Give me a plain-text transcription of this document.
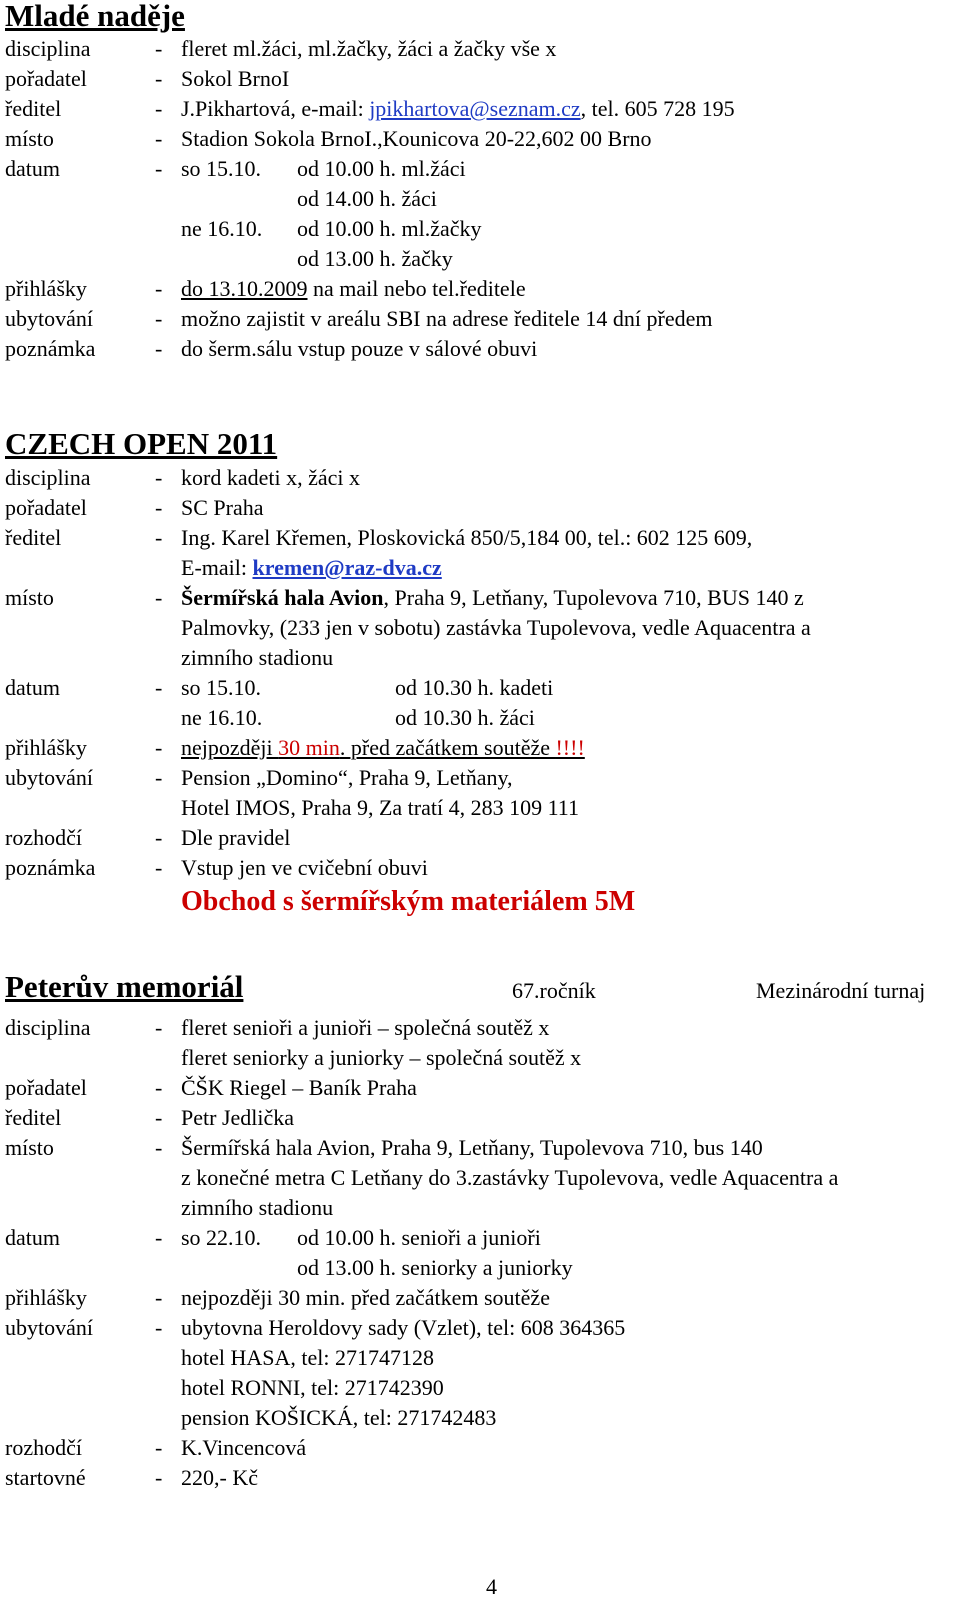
Mladé naděje
disciplina	- fleret ml.žáci, ml.žačky, žáci a žačky vše x
pořadatel	- Sokol BrnoI
ředitel	- J.Pikhartová, e-mail: jpikhartova@seznam.cz, tel. 605 728 195
místo	- Stadion Sokola BrnoI.,Kounicova 20-22,602 00 Brno
datum	- so 15.10. od 10.00 h. ml.žáci
od 14.00 h. žáci
ne 16.10. od 10.00 h. ml.žačky
od 13.00 h. žačky
přihlášky	- do 13.10.2009 na mail nebo tel.ředitele
ubytování	- možno zajistit v areálu SBI na adrese ředitele 14 dní předem
poznámka	- do šerm.sálu vstup pouze v sálové obuvi
CZECH OPEN 2011
disciplina	- kord kadeti x, žáci x
pořadatel	- SC Praha
ředitel	- Ing. Karel Křemen, Ploskovická 850/5,184 00, tel.: 602 125 609,
E-mail: kremen@raz-dva.cz
místo	- Šermířská hala Avion, Praha 9, Letňany, Tupolevova 710, BUS 140 z
Palmovky, (233 jen v sobotu) zastávka Tupolevova, vedle Aquacentra a
zimního stadionu
datum	- so 15.10.	od 10.30 h. kadeti
ne 16.10.	od 10.30 h. žáci
přihlášky	- nejpozději 30 min. před začátkem soutěže !!!!
ubytování	- Pension „Domino“, Praha 9, Letňany,
Hotel IMOS, Praha 9, Za tratí 4, 283 109 111
rozhodčí	- Dle pravidel
poznámka	- Vstup jen ve cvičební obuvi
Obchod s šermířským materiálem 5M
Peterův memoriál	67.ročník	Mezinárodní turnaj
disciplina	- fleret senioři a junioři – společná soutěž x
fleret seniorky a juniorky – společná soutěž x
pořadatel	- ČŠK Riegel – Baník Praha
ředitel	- Petr Jedlička
místo	- Šermířská hala Avion, Praha 9, Letňany, Tupolevova 710, bus 140
z konečné metra C Letňany do 3.zastávky Tupolevova, vedle Aquacentra a
zimního stadionu
datum	- so 22.10. od 10.00 h. senioři a junioři
od 13.00 h. seniorky a juniorky
přihlášky	- nejpozději 30 min. před začátkem soutěže
ubytování	- ubytovna Heroldovy sady (Vzlet), tel: 608 364365
hotel HASA, tel: 271747128
hotel RONNI, tel: 271742390
pension KOŠICKÁ, tel: 271742483
rozhodčí	- K.Vincencová
startovné	- 220,- Kč
4
